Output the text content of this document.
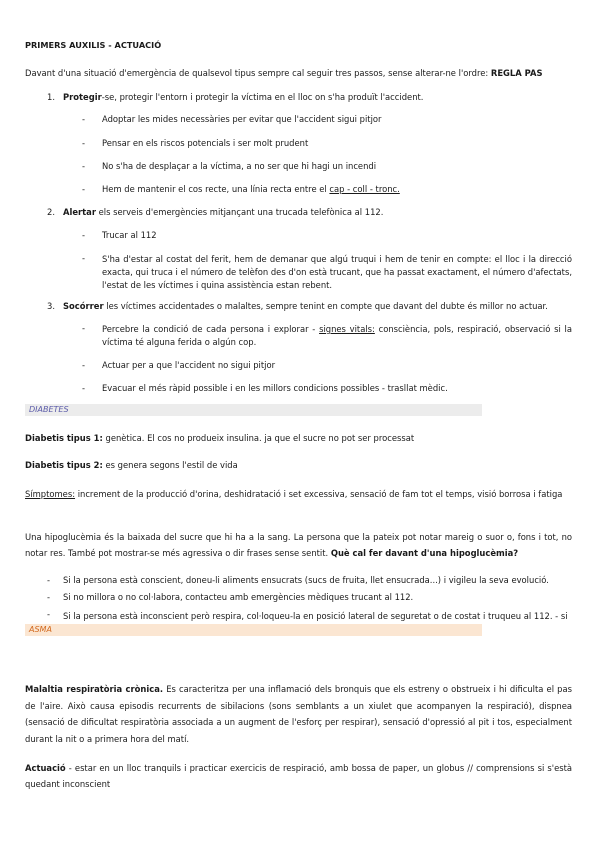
PRIMERS AUXILIS - ACTUACIÓ
Davant d'una situació d'emergència de qualsevol tipus sempre cal seguir tres passos, sense alterar-ne l'ordre: REGLA PAS
1. Protegir-se, protegir l'entorn i protegir la víctima en el lloc on s'ha produït l'accident.
- Adoptar les mides necessàries per evitar que l'accident sigui pitjor
- Pensar en els riscos potencials i ser molt prudent
- No s'ha de desplaçar a la víctima, a no ser que hi hagi un incendi
- Hem de mantenir el cos recte, una línia recta entre el cap - coll - tronc.
2. Alertar els serveis d'emergències mitjançant una trucada telefònica al 112.
- Trucar al 112
- S'ha d'estar al costat del ferit, hem de demanar que algú truqui i hem de tenir en compte: el lloc i la direcció exacta, qui truca i el número de telèfon des d'on està trucant, que ha passat exactament, el número d'afectats, l'estat de les víctimes i quina assistència estan rebent.
3. Socórrer les víctimes accidentades o malaltes, sempre tenint en compte que davant del dubte és millor no actuar.
- Percebre la condició de cada persona i explorar - signes vitals: consciència, pols, respiració, observació si la víctima té alguna ferida o algún cop.
- Actuar per a que l'accident no sigui pitjor
- Evacuar el més ràpid possible i en les millors condicions possibles - trasllat mèdic.
DIABETES
Diabetis tipus 1: genètica. El cos no produeix insulina. ja que el sucre no pot ser processat
Diabetis tipus 2: es genera segons l'estil de vida
Símptomes: increment de la producció d'orina, deshidratació i set excessiva, sensació de fam tot el temps, visió borrosa i fatiga
Una hipoglucèmia és la baixada del sucre que hi ha a la sang. La persona que la pateix pot notar mareig o suor o, fons i tot, no notar res. També pot mostrar-se més agressiva o dir frases sense sentit. Què cal fer davant d'una hipoglucèmia?
- Si la persona està conscient, doneu-li aliments ensucrats (sucs de fruita, llet ensucrada...) i vigileu la seva evolució.
- Si no millora o no col·labora, contacteu amb emergències mèdiques trucant al 112.
- Si la persona està inconscient però respira, col·loqueu-la en posició lateral de seguretat o de costat i truqueu al 112. - si
ASMA
Malaltia respiratòria crònica. Es caracteritza per una inflamació dels bronquis que els estreny o obstrueix i hi dificulta el pas de l'aire. Això causa episodis recurrents de sibilacions (sons semblants a un xiulet que acompanyen la respiració), dispnea (sensació de dificultat respiratòria associada a un augment de l'esforç per respirar), sensació d'opressió al pit i tos, especialment durant la nit o a primera hora del matí.
Actuació - estar en un lloc tranquils i practicar exercicis de respiració, amb bossa de paper, un globus // comprensions si s'està quedant inconscient
